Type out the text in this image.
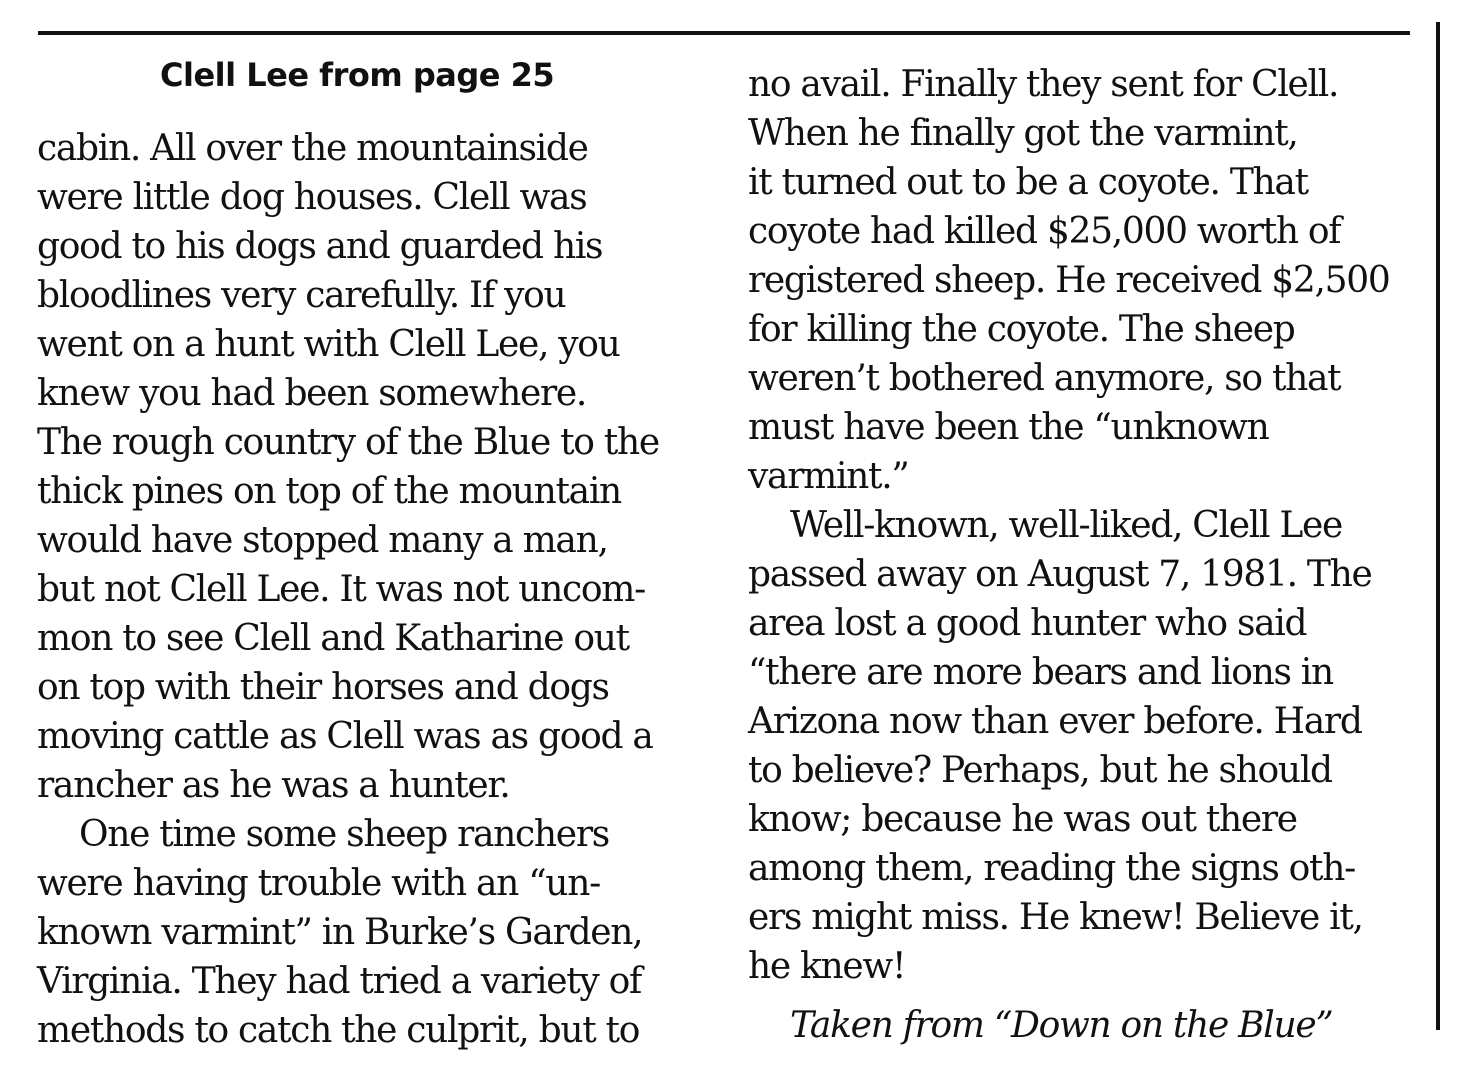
Clell Lee from page 25
cabin. All over the mountainside
were little dog houses. Clell was
good to his dogs and guarded his
bloodlines very carefully. If you
went on a hunt with Clell Lee, you
knew you had been somewhere.
The rough country of the Blue to the
thick pines on top of the mountain
would have stopped many a man,
but not Clell Lee. It was not uncom-
mon to see Clell and Katharine out
on top with their horses and dogs
moving cattle as Clell was as good a
rancher as he was a hunter.
One time some sheep ranchers
were having trouble with an “un-
known varmint” in Burke’s Garden,
Virginia. They had tried a variety of
methods to catch the culprit, but to
no avail. Finally they sent for Clell.
When he finally got the varmint,
it turned out to be a coyote. That
coyote had killed $25,000 worth of
registered sheep. He received $2,500
for killing the coyote. The sheep
weren’t bothered anymore, so that
must have been the “unknown
varmint.”
Well-known, well-liked, Clell Lee
passed away on August 7, 1981. The
area lost a good hunter who said
“there are more bears and lions in
Arizona now than ever before. Hard
to believe? Perhaps, but he should
know; because he was out there
among them, reading the signs oth-
ers might miss. He knew! Believe it,
he knew!
Taken from “Down on the Blue”
